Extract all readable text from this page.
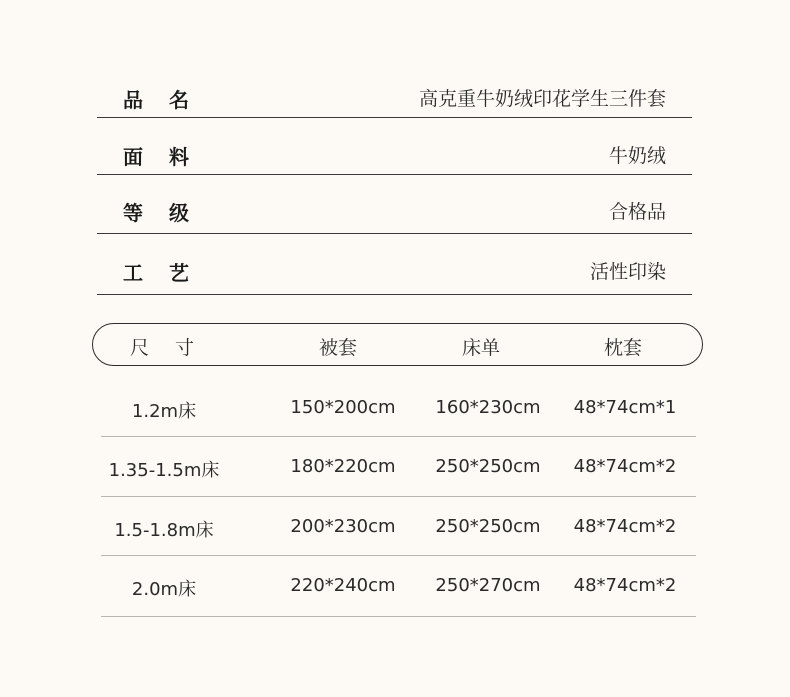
品名	高克重牛奶绒印花学生三件套
面料	牛奶绒
等级	合格品
工艺	活性印染
尺寸	被套	床单	枕套
1.2m床	150*200cm 160*230cm 48*74cm*1
1.35-1.5m床	180*220cm 250*250cm 48*74cm*2
1.5-1.8m床	200*230cm 250*250cm 48*74cm*2
2.0m床	220*240cm 250*270cm 48*74cm*2
